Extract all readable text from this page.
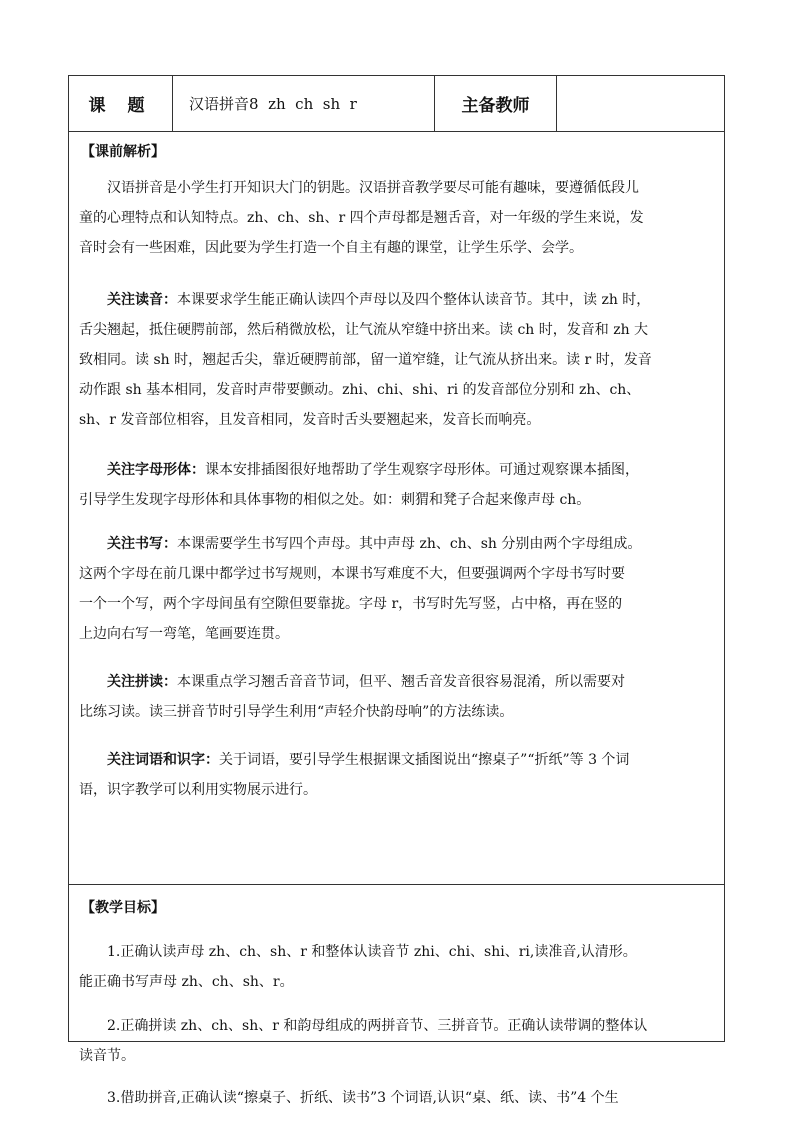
课 题	汉语拼音8  zh  ch  sh  r	主备教师
【课前解析】
　　汉语拼音是小学生打开知识大门的钥匙。汉语拼音教学要尽可能有趣味，要遵循低段儿
童的心理特点和认知特点。zh、ch、sh、r 四个声母都是翘舌音，对一年级的学生来说，发
音时会有一些困难，因此要为学生打造一个自主有趣的课堂，让学生乐学、会学。
　　关注读音：本课要求学生能正确认读四个声母以及四个整体认读音节。其中，读 zh 时，
舌尖翘起，抵住硬腭前部，然后稍微放松，让气流从窄缝中挤出来。读 ch 时，发音和 zh 大
致相同。读 sh 时，翘起舌尖，靠近硬腭前部，留一道窄缝，让气流从挤出来。读 r 时，发音
动作跟 sh 基本相同，发音时声带要颤动。zhi、chi、shi、ri 的发音部位分别和 zh、ch、
sh、r 发音部位相容，且发音相同，发音时舌头要翘起来，发音长而响亮。
　　关注字母形体：课本安排插图很好地帮助了学生观察字母形体。可通过观察课本插图，
引导学生发现字母形体和具体事物的相似之处。如：刺猬和凳子合起来像声母 ch。
　　关注书写：本课需要学生书写四个声母。其中声母 zh、ch、sh 分别由两个字母组成。
这两个字母在前几课中都学过书写规则，本课书写难度不大，但要强调两个字母书写时要
一个一个写，两个字母间虽有空隙但要靠拢。字母 r，书写时先写竖，占中格，再在竖的
上边向右写一弯笔，笔画要连贯。
　　关注拼读：本课重点学习翘舌音音节词，但平、翘舌音发音很容易混淆，所以需要对
比练习读。读三拼音节时引导学生利用“声轻介快韵母响”的方法练读。
　　关注词语和识字：关于词语，要引导学生根据课文插图说出“擦桌子”“折纸”等 3 个词
语，识字教学可以利用实物展示进行。
【教学目标】
　　1.正确认读声母 zh、ch、sh、r 和整体认读音节 zhi、chi、shi、ri,读准音,认清形。
能正确书写声母 zh、ch、sh、r。
　　2.正确拼读 zh、ch、sh、r 和韵母组成的两拼音节、三拼音节。正确认读带调的整体认
读音节。
　　3.借助拼音,正确认读“擦桌子、折纸、读书”3 个词语,认识“桌、纸、读、书”4 个生
